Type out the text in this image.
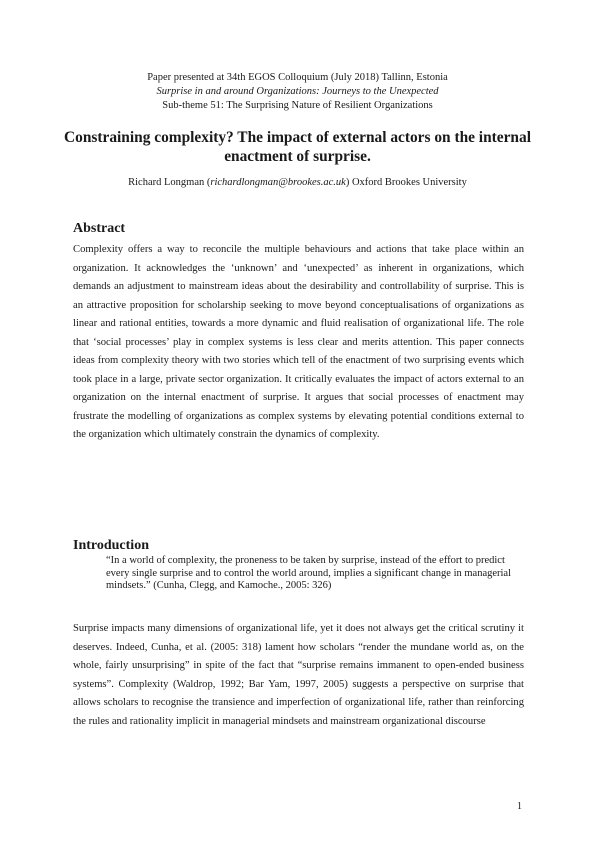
Paper presented at 34th EGOS Colloquium (July 2018) Tallinn, Estonia
Surprise in and around Organizations: Journeys to the Unexpected
Sub-theme 51: The Surprising Nature of Resilient Organizations
Constraining complexity? The impact of external actors on the internal enactment of surprise.
Richard Longman (richardlongman@brookes.ac.uk) Oxford Brookes University
Abstract

Complexity offers a way to reconcile the multiple behaviours and actions that take place within an organization. It acknowledges the ‘unknown’ and ‘unexpected’ as inherent in organizations, which demands an adjustment to mainstream ideas about the desirability and controllability of surprise. This is an attractive proposition for scholarship seeking to move beyond conceptualisations of organizations as linear and rational entities, towards a more dynamic and fluid realisation of organizational life. The role that ‘social processes’ play in complex systems is less clear and merits attention. This paper connects ideas from complexity theory with two stories which tell of the enactment of two surprising events which took place in a large, private sector organization. It critically evaluates the impact of actors external to an organization on the internal enactment of surprise. It argues that social processes of enactment may frustrate the modelling of organizations as complex systems by elevating potential conditions external to the organization which ultimately constrain the dynamics of complexity.

Introduction

“In a world of complexity, the proneness to be taken by surprise, instead of the effort to predict every single surprise and to control the world around, implies a significant change in managerial mindsets.” (Cunha, Clegg, and Kamoche., 2005: 326)

Surprise impacts many dimensions of organizational life, yet it does not always get the critical scrutiny it deserves. Indeed, Cunha, et al. (2005: 318) lament how scholars “render the mundane world as, on the whole, fairly unsurprising” in spite of the fact that “surprise remains immanent to open-ended business systems”. Complexity (Waldrop, 1992; Bar Yam, 1997, 2005) suggests a perspective on surprise that allows scholars to recognise the transience and imperfection of organizational life, rather than reinforcing the rules and rationality implicit in managerial mindsets and mainstream organizational discourse

1
